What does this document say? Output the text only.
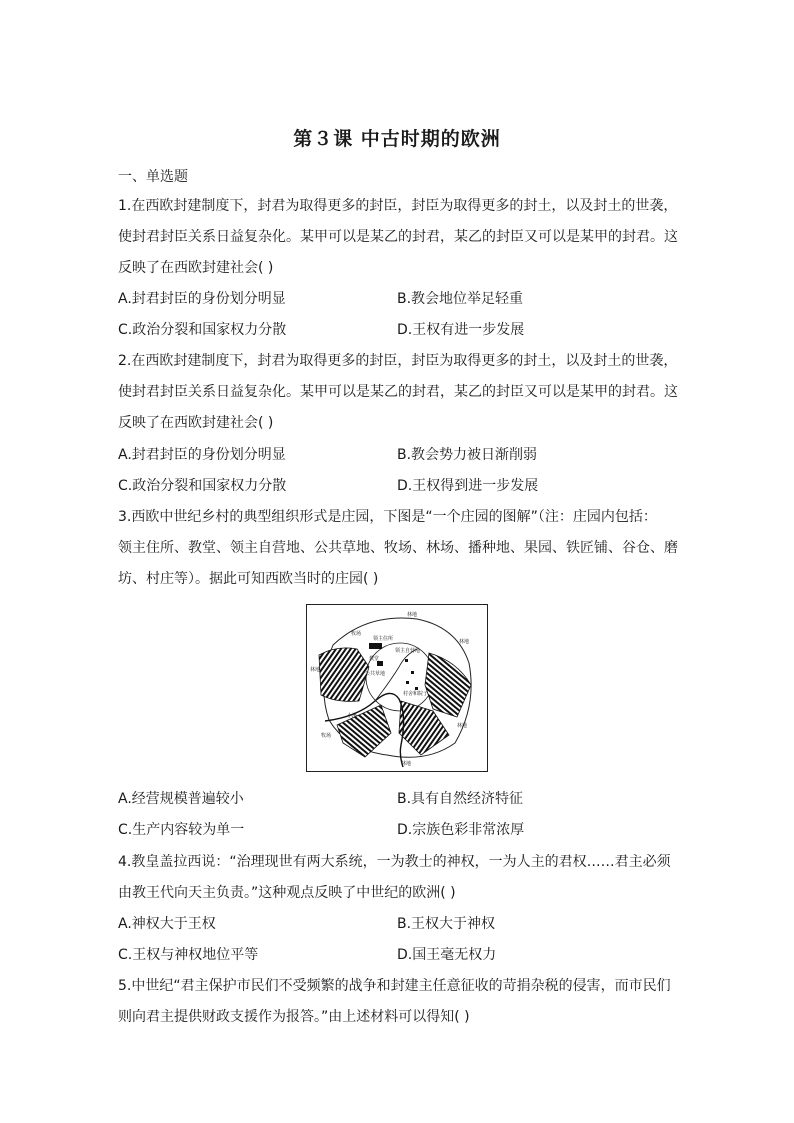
第３课 中古时期的欧洲
一、单选题
1.在西欧封建制度下，封君为取得更多的封臣，封臣为取得更多的封土，以及封土的世袭，
使封君封臣关系日益复杂化。某甲可以是某乙的封君，某乙的封臣又可以是某甲的封君。这
反映了在西欧封建社会( )
A.封君封臣的身份划分明显	B.教会地位举足轻重
C.政治分裂和国家权力分散	D.王权有进一步发展
2.在西欧封建制度下，封君为取得更多的封臣，封臣为取得更多的封土，以及封土的世袭，
使封君封臣关系日益复杂化。某甲可以是某乙的封君，某乙的封臣又可以是某甲的封君。这
反映了在西欧封建社会( )
A.封君封臣的身份划分明显	B.教会势力被日渐削弱
C.政治分裂和国家权力分散	D.王权得到进一步发展
3.西欧中世纪乡村的典型组织形式是庄园，下图是“一个庄园的图解”（注：庄园内包括：
领主住所、教堂、领主自营地、公共草地、牧场、林场、播种地、果园、铁匠铺、谷仓、磨
坊、村庄等）。据此可知西欧当时的庄园( )
林地
牧场
林地
领主住所
领主自营地
教堂
村舍和院子
公共草地
小溪
林地
林地
牧场
林地
A.经营规模普遍较小	B.具有自然经济特征
C.生产内容较为单一	D.宗族色彩非常浓厚
4.教皇盖拉西说：“治理现世有两大系统，一为教士的神权，一为人主的君权……君主必须
由教王代向天主负责。”这种观点反映了中世纪的欧洲( )
A.神权大于王权	B.王权大于神权
C.王权与神权地位平等	D.国王毫无权力
5.中世纪“君主保护市民们不受频繁的战争和封建主任意征收的苛捐杂税的侵害，而市民们
则向君主提供财政支援作为报答。”由上述材料可以得知( )
